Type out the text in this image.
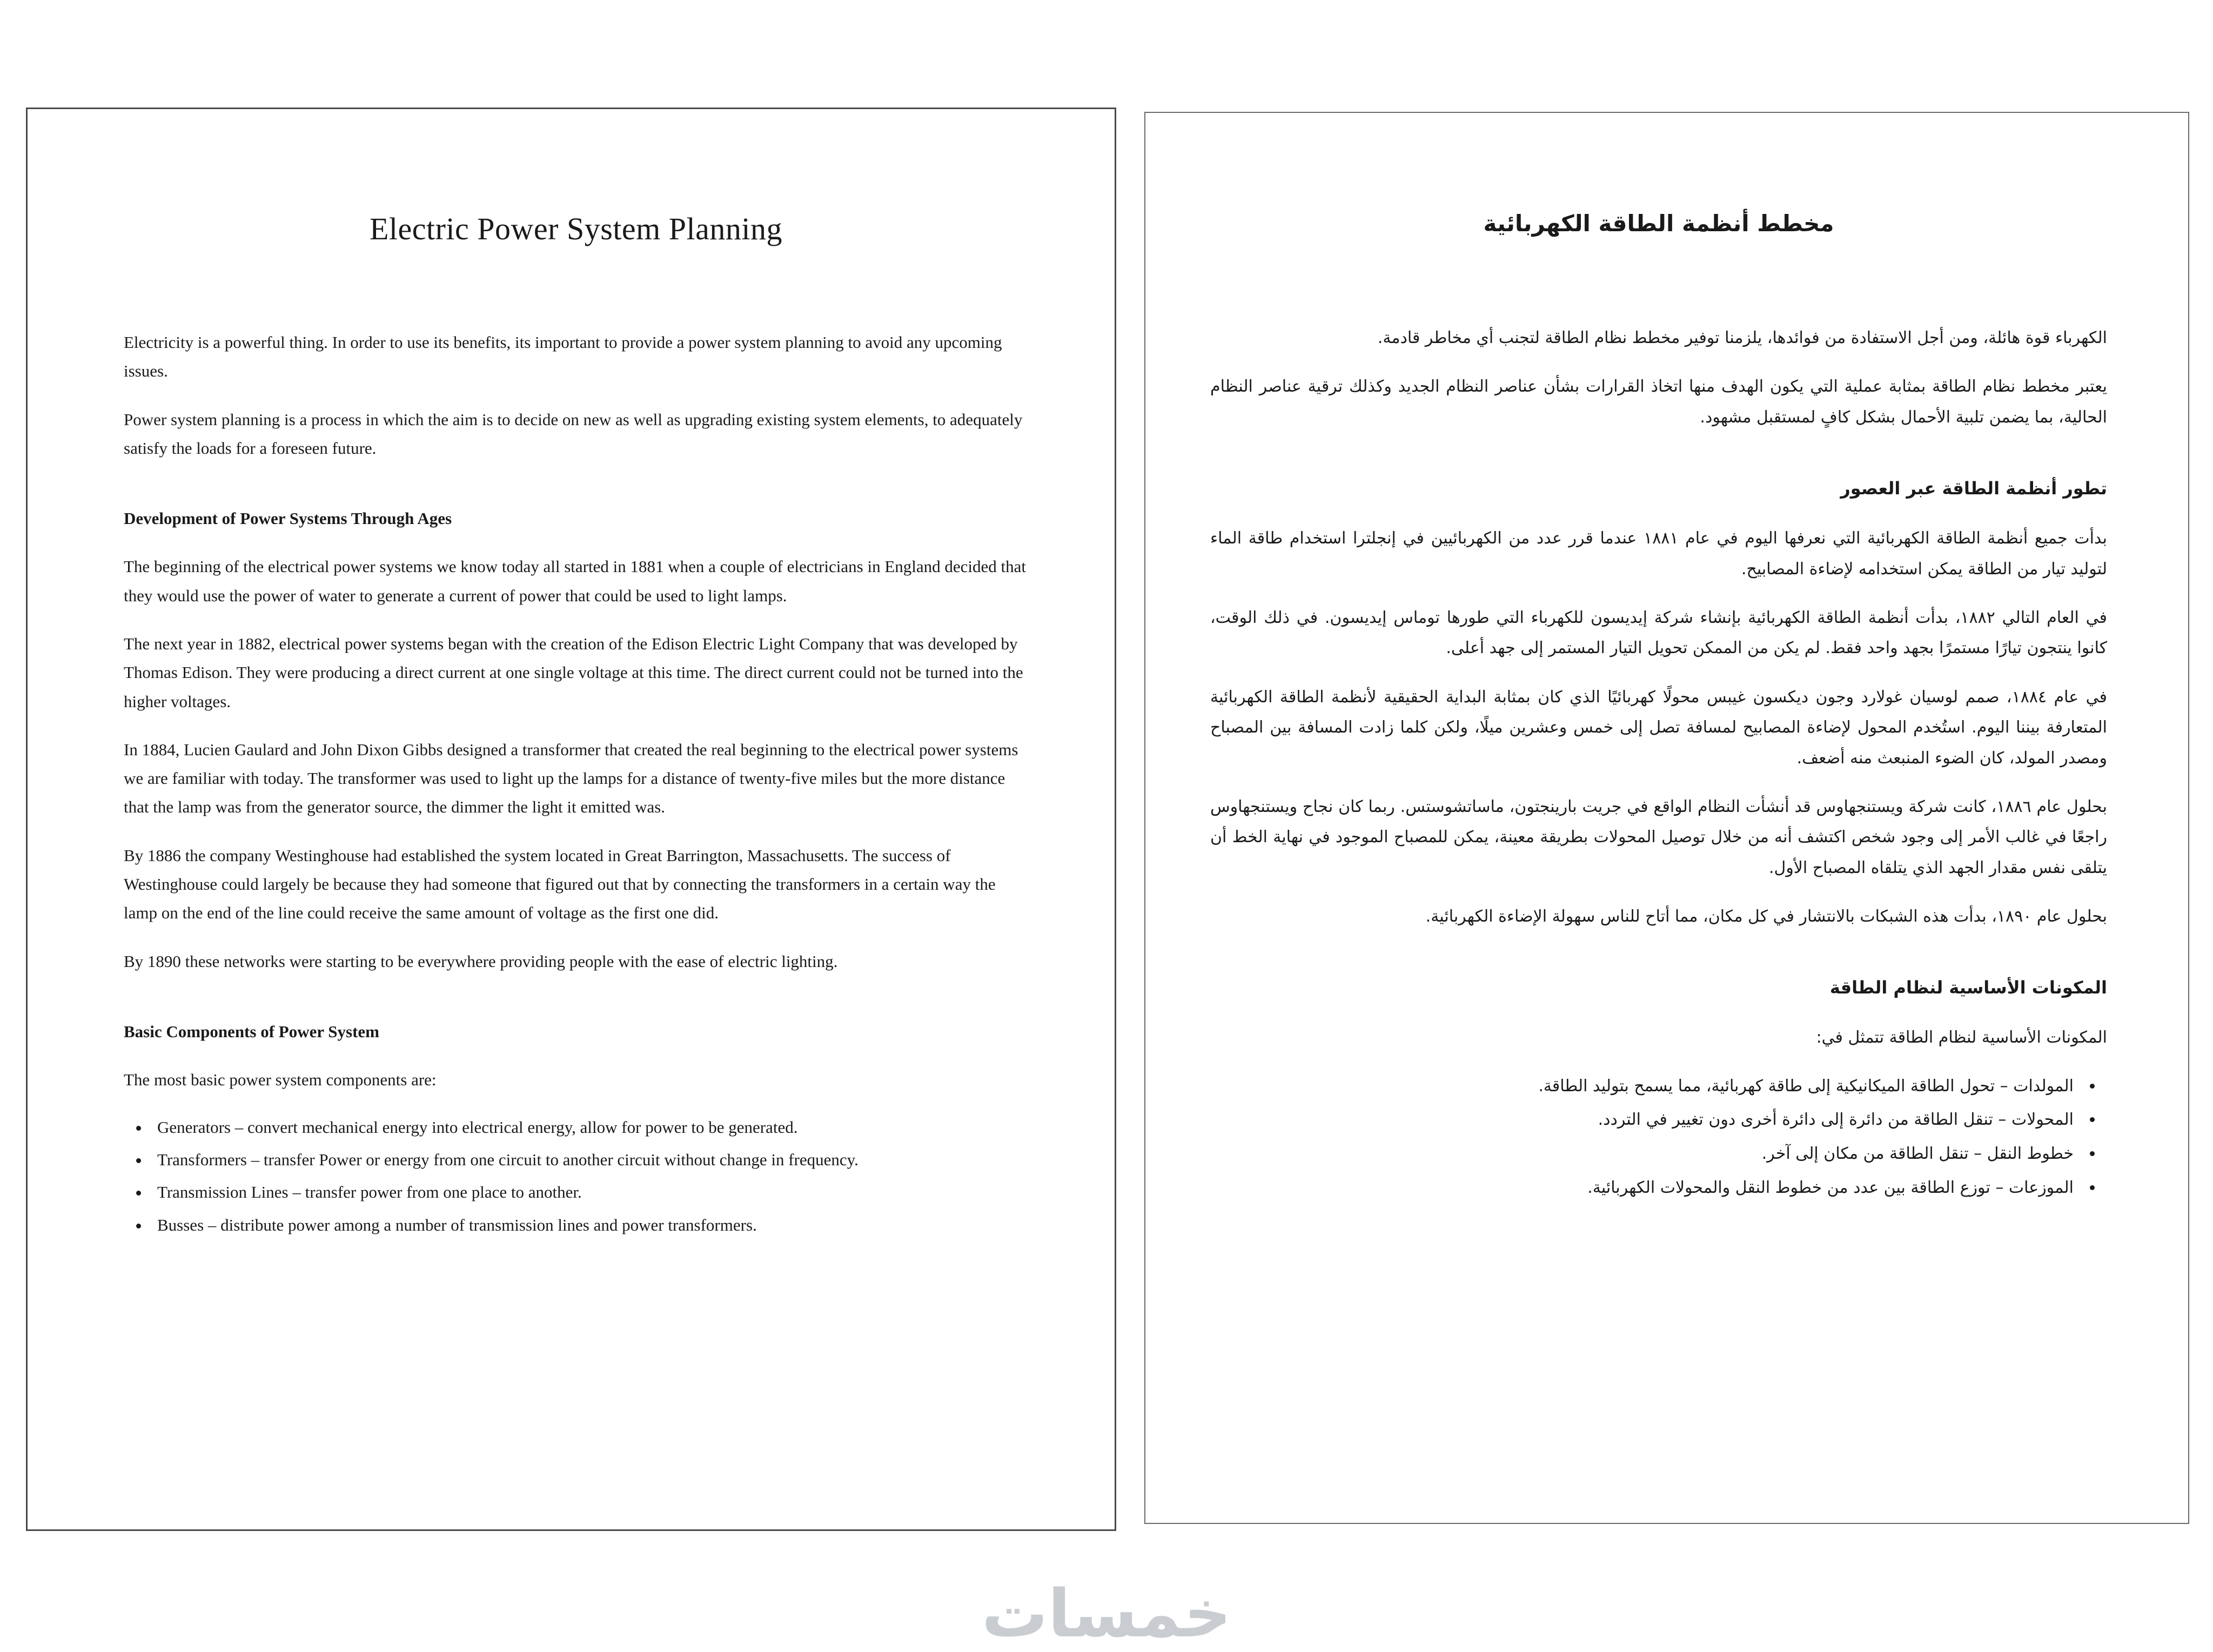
Electric Power System Planning

Electricity is a powerful thing. In order to use its benefits, its important to provide a power system planning to avoid any upcoming issues.

Power system planning is a process in which the aim is to decide on new as well as upgrading existing system elements, to adequately satisfy the loads for a foreseen future.

Development of Power Systems Through Ages

The beginning of the electrical power systems we know today all started in 1881 when a couple of electricians in England decided that they would use the power of water to generate a current of power that could be used to light lamps.

The next year in 1882, electrical power systems began with the creation of the Edison Electric Light Company that was developed by Thomas Edison. They were producing a direct current at one single voltage at this time. The direct current could not be turned into the higher voltages.

In 1884, Lucien Gaulard and John Dixon Gibbs designed a transformer that created the real beginning to the electrical power systems we are familiar with today. The transformer was used to light up the lamps for a distance of twenty-five miles but the more distance that the lamp was from the generator source, the dimmer the light it emitted was.

By 1886 the company Westinghouse had established the system located in Great Barrington, Massachusetts. The success of Westinghouse could largely be because they had someone that figured out that by connecting the transformers in a certain way the lamp on the end of the line could receive the same amount of voltage as the first one did.

By 1890 these networks were starting to be everywhere providing people with the ease of electric lighting.

Basic Components of Power System

The most basic power system components are:

• Generators – convert mechanical energy into electrical energy, allow for power to be generated.
• Transformers – transfer Power or energy from one circuit to another circuit without change in frequency.
• Transmission Lines – transfer power from one place to another.
• Busses – distribute power among a number of transmission lines and power transformers.
مخطط أنظمة الطاقة الكهربائية

الكهرباء قوة هائلة، ومن أجل الاستفادة من فوائدها، يلزمنا توفير مخطط نظام الطاقة لتجنب أي مخاطر قادمة.

يعتبر مخطط نظام الطاقة بمثابة عملية التي يكون الهدف منها اتخاذ القرارات بشأن عناصر النظام الجديد وكذلك ترقية عناصر النظام الحالية، بما يضمن تلبية الأحمال بشكل كافٍ لمستقبل مشهود.

تطور أنظمة الطاقة عبر العصور

بدأت جميع أنظمة الطاقة الكهربائية التي نعرفها اليوم في عام ١٨٨١ عندما قرر عدد من الكهربائيين في إنجلترا استخدام طاقة الماء لتوليد تيار من الطاقة يمكن استخدامه لإضاءة المصابيح.

في العام التالي ١٨٨٢، بدأت أنظمة الطاقة الكهربائية بإنشاء شركة إيديسون للكهرباء التي طورها توماس إيديسون. في ذلك الوقت، كانوا ينتجون تيارًا مستمرًا بجهد واحد فقط. لم يكن من الممكن تحويل التيار المستمر إلى جهد أعلى.

في عام ١٨٨٤، صمم لوسيان غولارد وجون ديكسون غيبس محولًا كهربائيًا الذي كان بمثابة البداية الحقيقية لأنظمة الطاقة الكهربائية المتعارفة بيننا اليوم. استُخدم المحول لإضاءة المصابيح لمسافة تصل إلى خمس وعشرين ميلًا، ولكن كلما زادت المسافة بين المصباح ومصدر المولد، كان الضوء المنبعث منه أضعف.

بحلول عام ١٨٨٦، كانت شركة ويستنجهاوس قد أنشأت النظام الواقع في جريت بارينجتون، ماساتشوستس. ربما كان نجاح ويستنجهاوس راجعًا في غالب الأمر إلى وجود شخص اكتشف أنه من خلال توصيل المحولات بطريقة معينة، يمكن للمصباح الموجود في نهاية الخط أن يتلقى نفس مقدار الجهد الذي يتلقاه المصباح الأول.

بحلول عام ١٨٩٠، بدأت هذه الشبكات بالانتشار في كل مكان، مما أتاح للناس سهولة الإضاءة الكهربائية.

المكونات الأساسية لنظام الطاقة

المكونات الأساسية لنظام الطاقة تتمثل في:

• المولدات – تحول الطاقة الميكانيكية إلى طاقة كهربائية، مما يسمح بتوليد الطاقة.
• المحولات – تنقل الطاقة من دائرة إلى دائرة أخرى دون تغيير في التردد.
• خطوط النقل – تنقل الطاقة من مكان إلى آخر.
• الموزعات – توزع الطاقة بين عدد من خطوط النقل والمحولات الكهربائية.
خمسات
